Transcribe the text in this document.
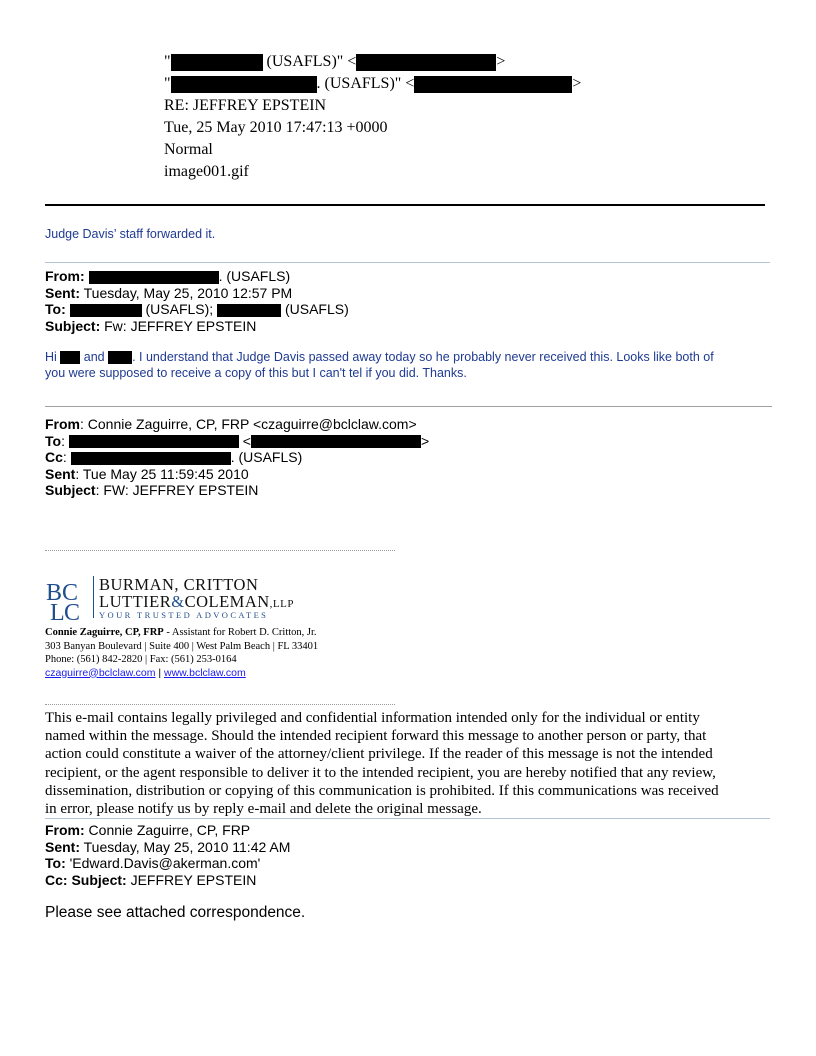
"	(USAFLS)" <	>
"	. (USAFLS)" <	>
RE: JEFFREY EPSTEIN
Tue, 25 May 2010 17:47:13 +0000
Normal
image001.gif
Judge Davis’ staff forwarded it.
From:	. (USAFLS)
Sent: Tuesday, May 25, 2010 12:57 PM
To:	(USAFLS);	(USAFLS)
Subject: Fw: JEFFREY EPSTEIN
Hi  and . I understand that Judge Davis passed away today so he probably never received this. Looks like both of
you were supposed to receive a copy of this but I can't tel if you did. Thanks.
From: Connie Zaguirre, CP, FRP <czaguirre@bclclaw.com>
To:	<	>
Cc:	. (USAFLS)
Sent: Tue May 25 11:59:45 2010
Subject: FW: JEFFREY EPSTEIN
B C
L C
BURMAN, CRITTON
LUTTIER&COLEMAN,LLP
YOUR TRUSTED ADVOCATES
Connie Zaguirre, CP, FRP - Assistant for Robert D. Critton, Jr.
303 Banyan Boulevard | Suite 400 | West Palm Beach | FL 33401
Phone: (561) 842-2820 | Fax: (561) 253-0164
czaguirre@bclclaw.com | www.bclclaw.com
This e-mail contains legally privileged and confidential information intended only for the individual or entity
named within the message. Should the intended recipient forward this message to another person or party, that
action could constitute a waiver of the attorney/client privilege. If the reader of this message is not the intended
recipient, or the agent responsible to deliver it to the intended recipient, you are hereby notified that any review,
dissemination, distribution or copying of this communication is prohibited. If this communications was received
in error, please notify us by reply e-mail and delete the original message.
From: Connie Zaguirre, CP, FRP
Sent: Tuesday, May 25, 2010 11:42 AM
To: 'Edward.Davis@akerman.com'
Cc: Subject: JEFFREY EPSTEIN
Please see attached correspondence.
